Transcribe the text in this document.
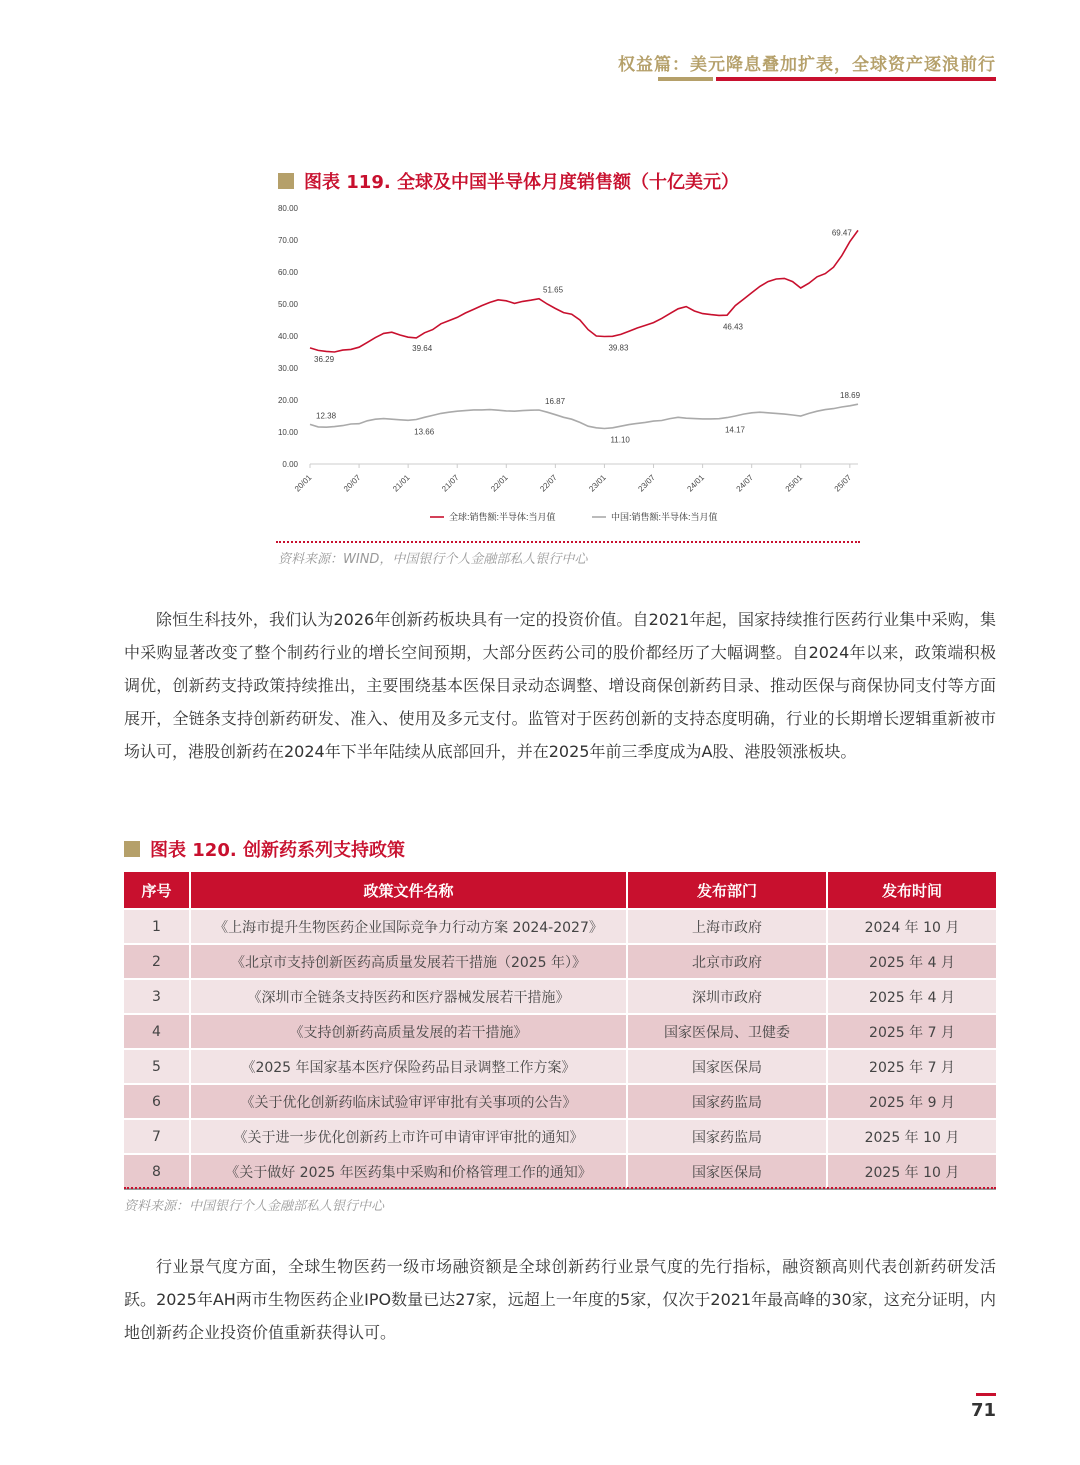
权益篇：美元降息叠加扩表，全球资产逐浪前行
图表 119. 全球及中国半导体月度销售额（十亿美元）
80.00
70.00
60.00
50.00
40.00
30.00
20.00
10.00
0.00
20/01	20/07	21/01	21/07	22/01	22/07	23/01	23/07	24/01	24/07	25/01	25/07
36.29
39.64
51.65
39.83
46.43
69.47
12.38
13.66
16.87
11.10
14.17
18.69
全球:销售额:半导体:当月值	中国:销售额:半导体:当月值
资料来源：WIND，中国银行个人金融部私人银行中心

除恒生科技外，我们认为2026年创新药板块具有一定的投资价值。自2021年起，国家持续推行医药行业集中采购，集中采购显著改变了整个制药行业的增长空间预期，大部分医药公司的股价都经历了大幅调整。自2024年以来，政策端积极调优，创新药支持政策持续推出，主要围绕基本医保目录动态调整、增设商保创新药目录、推动医保与商保协同支付等方面展开，全链条支持创新药研发、准入、使用及多元支付。监管对于医药创新的支持态度明确，行业的长期增长逻辑重新被市场认可，港股创新药在2024年下半年陆续从底部回升，并在2025年前三季度成为A股、港股领涨板块。

图表 120. 创新药系列支持政策
序号	政策文件名称	发布部门	发布时间
1	《上海市提升生物医药企业国际竞争力行动方案 2024-2027》	上海市政府	2024 年 10 月
2	《北京市支持创新医药高质量发展若干措施（2025 年）》	北京市政府	2025 年 4 月
3	《深圳市全链条支持医药和医疗器械发展若干措施》	深圳市政府	2025 年 4 月
4	《支持创新药高质量发展的若干措施》	国家医保局、卫健委	2025 年 7 月
5	《2025 年国家基本医疗保险药品目录调整工作方案》	国家医保局	2025 年 7 月
6	《关于优化创新药临床试验审评审批有关事项的公告》	国家药监局	2025 年 9 月
7	《关于进一步优化创新药上市许可申请审评审批的通知》	国家药监局	2025 年 10 月
8	《关于做好 2025 年医药集中采购和价格管理工作的通知》	国家医保局	2025 年 10 月
资料来源：中国银行个人金融部私人银行中心

行业景气度方面，全球生物医药一级市场融资额是全球创新药行业景气度的先行指标，融资额高则代表创新药研发活跃。2025年AH两市生物医药企业IPO数量已达27家，远超上一年度的5家，仅次于2021年最高峰的30家，这充分证明，内地创新药企业投资价值重新获得认可。

71
